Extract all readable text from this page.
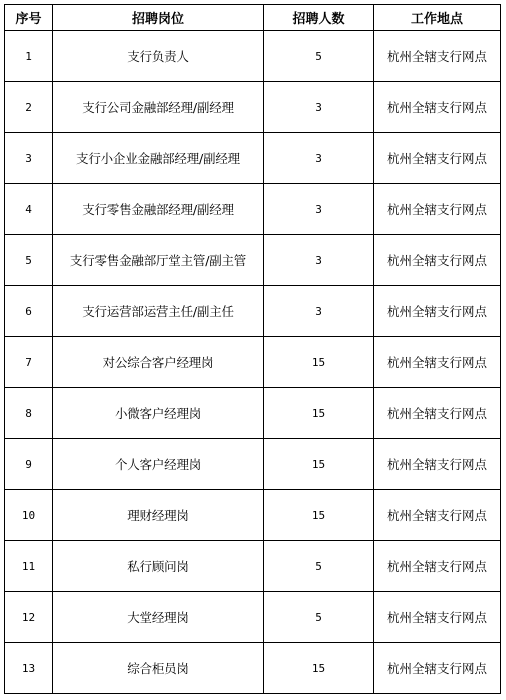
序号	招聘岗位	招聘人数	工作地点
1	支行负责人	5	杭州全辖支行网点
2	支行公司金融部经理/副经理	3	杭州全辖支行网点
3	支行小企业金融部经理/副经理	3	杭州全辖支行网点
4	支行零售金融部经理/副经理	3	杭州全辖支行网点
5	支行零售金融部厅堂主管/副主管	3	杭州全辖支行网点
6	支行运营部运营主任/副主任	3	杭州全辖支行网点
7	对公综合客户经理岗	15	杭州全辖支行网点
8	小微客户经理岗	15	杭州全辖支行网点
9	个人客户经理岗	15	杭州全辖支行网点
10	理财经理岗	15	杭州全辖支行网点
11	私行顾问岗	5	杭州全辖支行网点
12	大堂经理岗	5	杭州全辖支行网点
13	综合柜员岗	15	杭州全辖支行网点
